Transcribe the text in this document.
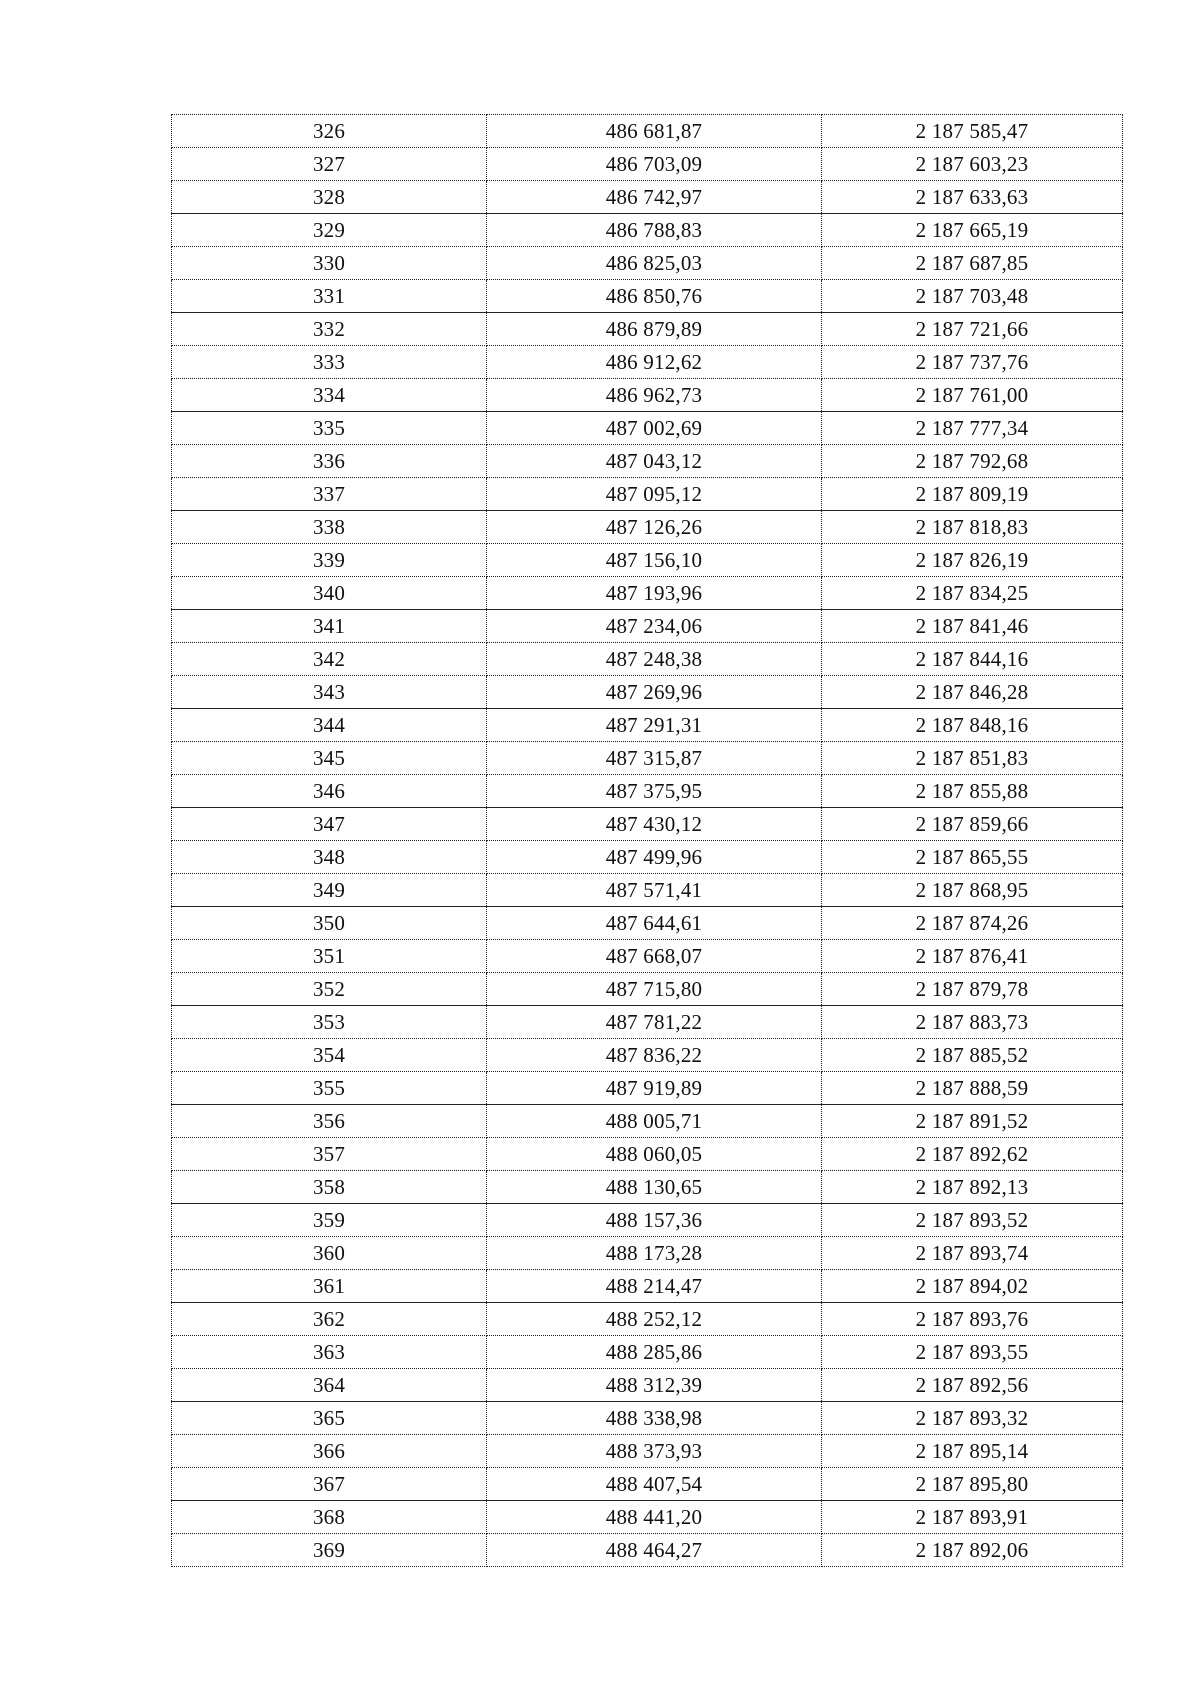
326	486 681,87	2 187 585,47
327	486 703,09	2 187 603,23
328	486 742,97	2 187 633,63
329	486 788,83	2 187 665,19
330	486 825,03	2 187 687,85
331	486 850,76	2 187 703,48
332	486 879,89	2 187 721,66
333	486 912,62	2 187 737,76
334	486 962,73	2 187 761,00
335	487 002,69	2 187 777,34
336	487 043,12	2 187 792,68
337	487 095,12	2 187 809,19
338	487 126,26	2 187 818,83
339	487 156,10	2 187 826,19
340	487 193,96	2 187 834,25
341	487 234,06	2 187 841,46
342	487 248,38	2 187 844,16
343	487 269,96	2 187 846,28
344	487 291,31	2 187 848,16
345	487 315,87	2 187 851,83
346	487 375,95	2 187 855,88
347	487 430,12	2 187 859,66
348	487 499,96	2 187 865,55
349	487 571,41	2 187 868,95
350	487 644,61	2 187 874,26
351	487 668,07	2 187 876,41
352	487 715,80	2 187 879,78
353	487 781,22	2 187 883,73
354	487 836,22	2 187 885,52
355	487 919,89	2 187 888,59
356	488 005,71	2 187 891,52
357	488 060,05	2 187 892,62
358	488 130,65	2 187 892,13
359	488 157,36	2 187 893,52
360	488 173,28	2 187 893,74
361	488 214,47	2 187 894,02
362	488 252,12	2 187 893,76
363	488 285,86	2 187 893,55
364	488 312,39	2 187 892,56
365	488 338,98	2 187 893,32
366	488 373,93	2 187 895,14
367	488 407,54	2 187 895,80
368	488 441,20	2 187 893,91
369	488 464,27	2 187 892,06
